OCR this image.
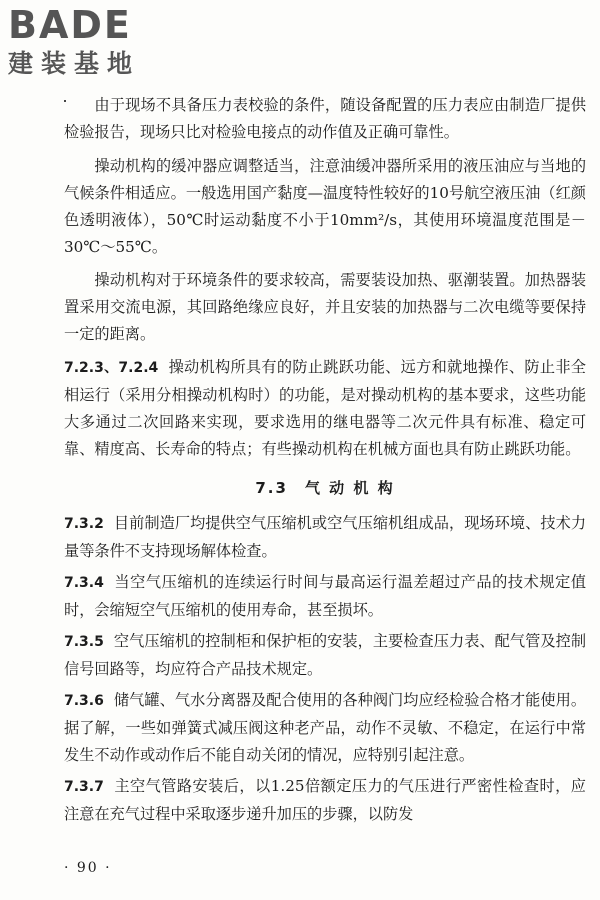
BADE
建装基地

由于现场不具备压力表校验的条件，随设备配置的压力表应由制造厂提供检验报告，现场只比对检验电接点的动作值及正确可靠性。

操动机构的缓冲器应调整适当，注意油缓冲器所采用的液压油应与当地的气候条件相适应。一般选用国产黏度—温度特性较好的10号航空液压油（红颜色透明液体），50℃时运动黏度不小于10mm²/s，其使用环境温度范围是－30℃～55℃。

操动机构对于环境条件的要求较高，需要装设加热、驱潮装置。加热器装置采用交流电源，其回路绝缘应良好，并且安装的加热器与二次电缆等要保持一定的距离。

7.2.3、7.2.4 操动机构所具有的防止跳跃功能、远方和就地操作、防止非全相运行（采用分相操动机构时）的功能，是对操动机构的基本要求，这些功能大多通过二次回路来实现，要求选用的继电器等二次元件具有标准、稳定可靠、精度高、长寿命的特点；有些操动机构在机械方面也具有防止跳跃功能。

7.3　气 动 机 构

7.3.2 目前制造厂均提供空气压缩机或空气压缩机组成品，现场环境、技术力量等条件不支持现场解体检查。

7.3.4 当空气压缩机的连续运行时间与最高运行温差超过产品的技术规定值时，会缩短空气压缩机的使用寿命，甚至损坏。

7.3.5 空气压缩机的控制柜和保护柜的安装，主要检查压力表、配气管及控制信号回路等，均应符合产品技术规定。

7.3.6 储气罐、气水分离器及配合使用的各种阀门均应经检验合格才能使用。据了解，一些如弹簧式减压阀这种老产品，动作不灵敏、不稳定，在运行中常发生不动作或动作后不能自动关闭的情况，应特别引起注意。

7.3.7 主空气管路安装后，以1.25倍额定压力的气压进行严密性检查时，应注意在充气过程中采取逐步递升加压的步骤，以防发

· 90 ·
